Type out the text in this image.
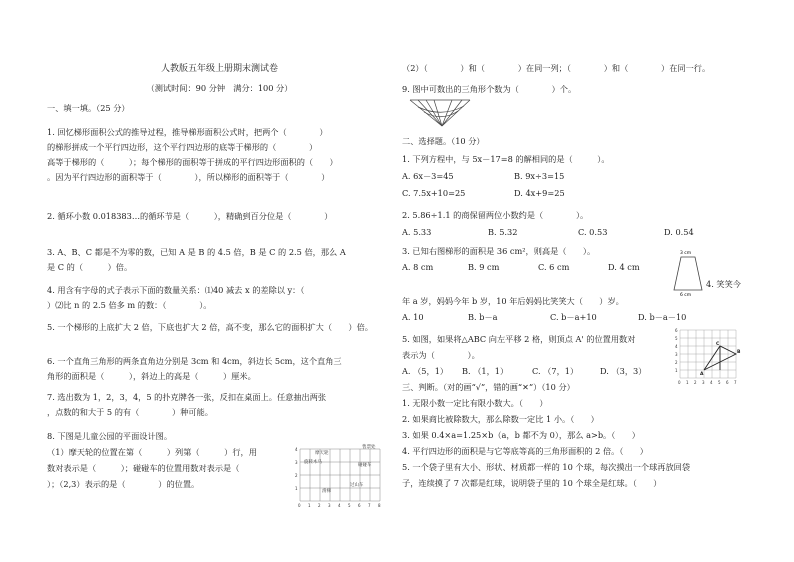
人教版五年级上册期末测试卷
（测试时间：90 分钟　满分：100 分）
一、填一填。（25 分）
1. 回忆梯形面积公式的推导过程，推导梯形面积公式时，把两个（　　　　）
的梯形拼成一个平行四边形，这个平行四边形的底等于梯形的（　　　　）
高等于梯形的（　　　）；每个梯形的面积等于拼成的平行四边形面积的（　　）
。因为平行四边形的面积等于（　　　　），所以梯形的面积等于（　　　　）
2. 循环小数 0.018383…的循环节是（　　　），精确到百分位是（　　　　）
3. A、B、C 都是不为零的数，已知 A 是 B 的 4.5 倍，B 是 C 的 2.5 倍，那么 A
是 C 的（　　　）倍。
4. 用含有字母的式子表示下面的数量关系：⑴40 减去 x 的差除以 y：（　　
）⑵比 n 的 2.5 倍多 m 的数：（　　　　）。
5. 一个梯形的上底扩大 2 倍，下底也扩大 2 倍，高不变，那么它的面积扩大（　　）倍。
6. 一个直角三角形的两条直角边分别是 3cm 和 4cm，斜边长 5cm，这个直角三
角形的面积是（　　　），斜边上的高是（　　　）厘米。
7. 选出数为 1，2，3，4，5 的扑克牌各一张，反扣在桌面上。任意抽出两张
，点数的和大于 5 的有（　　　　）种可能。
8. 下图是儿童公园的平面设计图。
（1）摩天轮的位置在第（　　　）列第（　　　）行，用
数对表示是（　　　）；碰碰车的位置用数对表示是（
）；（2,3）表示的是（　　　　）的位置。
摩天轮
旋转木马
碰碰车
过山车
滑梯
售票处
0 1 2 3 4 5 6 7 8
1
2
3
4
（2）（　　　　）和（　　　　）在同一列；（　　　　）和（　　　　）在同一行。
9. 图中可数出的三角形个数为（　　　　）个。
二、选择题。（10 分）
1. 下列方程中，与 5x－17=8 的解相同的是（　　　）。
A. 6x－3=45	B. 9x÷3=15
C. 7.5x+10=25	D. 4x+9=25
2. 5.86÷1.1 的商保留两位小数约是（　　　　）。
A. 5.33	B. 5.32	C. 0.53	D. 0.54
3. 已知右图梯形的面积是 36 cm²，则高是（　　）。
A. 8 cm	B. 9 cm	C. 6 cm	D. 4 cm
3 cm
6 cm
4. 笑笑今
年 a 岁，妈妈今年 b 岁，10 年后妈妈比笑笑大（　　）岁。
A. 10	B. b－a	C. b－a+10	D. b－a－10
5. 如图，如果将△ABC 向左平移 2 格，则顶点 A' 的位置用数对
表示为（　　　　）。
A. （5，1） B. （1，1）	C. （7，1）	D. （3，3）	A
B
C
0 1 2 3 4 5 6 7
1
2
3
4
5
6
三、判断。（对的画“√”，错的画“✕”）（10 分）
1. 无限小数一定比有限小数大。（　　）
2. 如果商比被除数大，那么除数一定比 1 小。（　　）
3. 如果 0.4×a=1.25×b（a，b 都不为 0），那么 a>b。（　　）
4. 平行四边形的面积是与它等底等高的三角形面积的 2 倍。（　　）
5. 一个袋子里有大小、形状、材质都一样的 10 个球，每次摸出一个球再放回袋
子，连续摸了 7 次都是红球，说明袋子里的 10 个球全是红球。（　　）
